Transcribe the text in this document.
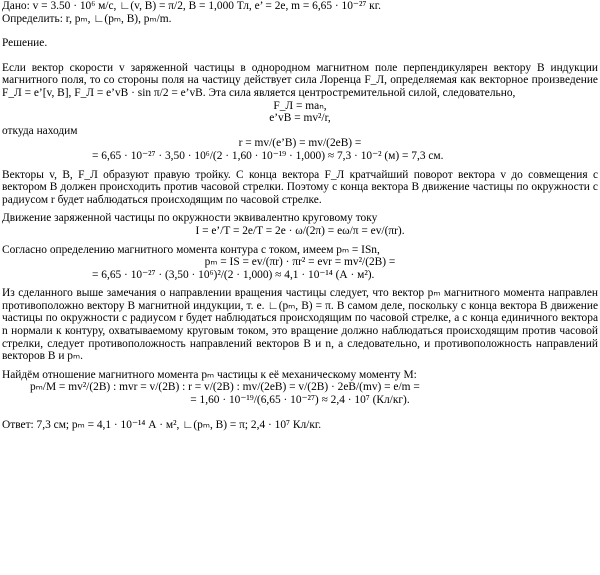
Дано: v = 3.50 · 10⁶ м/с, ∟(v, B) = π/2, B = 1,000 Тл, e’ = 2e, m = 6,65 · 10⁻²⁷ кг.
Определить: r, pₘ, ∟(pₘ, B), pₘ/m.
Решение.
Если вектор скорости v заряженной частицы в однородном магнитном поле перпендикулярен вектору B индукции магнитного поля, то со стороны поля на частицу действует сила Лоренца F_Л, определяемая как векторное произведение F_Л = e’[v, B], F_Л = e’vB · sin π/2 = e’vB. Эта сила является центростремительной силой, следовательно,
F_Л = maₙ,
e’vB = mv²/r,
откуда находим
r = mv/(e’B) = mv/(2eB) =
= 6,65 · 10⁻²⁷ · 3,50 · 10⁶/(2 · 1,60 · 10⁻¹⁹ · 1,000) ≈ 7,3 · 10⁻² (м) = 7,3 см.
Векторы v, B, F_Л образуют правую тройку. С конца вектора F_Л кратчайший поворот вектора v до совмещения с вектором B должен происходить против часовой стрелки. Поэтому с конца вектора B движение частицы по окружности с радиусом r будет наблюдаться происходящим по часовой стрелке.
Движение заряженной частицы по окружности эквивалентно круговому току
I = e’/T = 2e/T = 2e · ω/(2π) = eω/π = ev/(πr).
Согласно определению магнитного момента контура с током, имеем pₘ = ISn,
pₘ = IS = ev/(πr) · πr² = evr = mv²/(2B) =
= 6,65 · 10⁻²⁷ · (3,50 · 10⁶)²/(2 · 1,000) ≈ 4,1 · 10⁻¹⁴ (А · м²).
Из сделанного выше замечания о направлении вращения частицы следует, что вектор pₘ магнитного момента направлен противоположно вектору B магнитной индукции, т. е. ∟(pₘ, B) = π. В самом деле, поскольку с конца вектора B движение частицы по окружности с радиусом r будет наблюдаться происходящим по часовой стрелке, а с конца единичного вектора n нормали к контуру, охватываемому круговым током, это вращение должно наблюдаться происходящим против часовой стрелки, следует противоположность направлений векторов B и n, а следовательно, и противоположность направлений векторов B и pₘ.
Найдём отношение магнитного момента pₘ частицы к её механическому моменту M:
pₘ/M = mv²/(2B) : mvr = v/(2B) : r = v/(2B) : mv/(2eB) = v/(2B) · 2eB/(mv) = e/m =
= 1,60 · 10⁻¹⁹/(6,65 · 10⁻²⁷) ≈ 2,4 · 10⁷ (Кл/кг).
Ответ: 7,3 см; pₘ = 4,1 · 10⁻¹⁴ А · м², ∟(pₘ, B) = π; 2,4 · 10⁷ Кл/кг.
